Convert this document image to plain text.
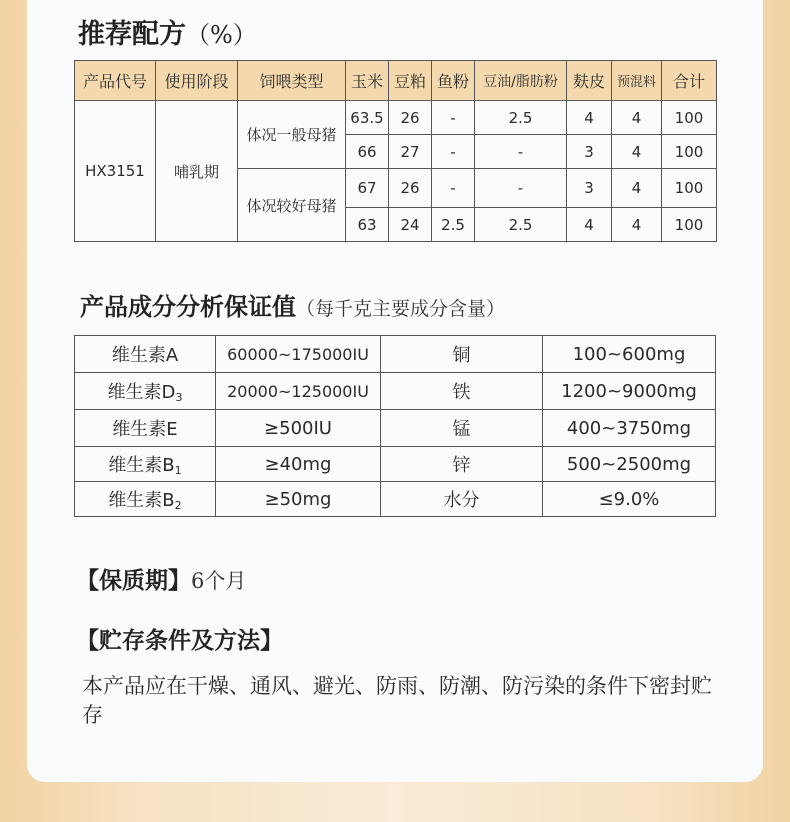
推荐配方（%）
产品代号	使用阶段	饲喂类型	玉米	豆粕	鱼粉	豆油/脂肪粉	麸皮	预混料	合计
HX3151	哺乳期	体况一般母猪	63.5	26	-	2.5	4	4	100
			66	27	-	-	3	4	100
		体况较好母猪	67	26	-	-	3	4	100
			63	24	2.5	2.5	4	4	100
产品成分分析保证值（每千克主要成分含量）
维生素A	60000~175000IU	铜	100~600mg
维生素$D_3$	20000~125000IU	铁	1200~9000mg
维生素E	≥500IU	锰	400~3750mg
维生素$B_1$	≥40mg	锌	500~2500mg
维生素$B_2$	≥50mg	水分	≤9.0%
【保质期】6个月
【贮存条件及方法】
本产品应在干燥、通风、避光、防雨、防潮、防污染的条件下密封贮存
